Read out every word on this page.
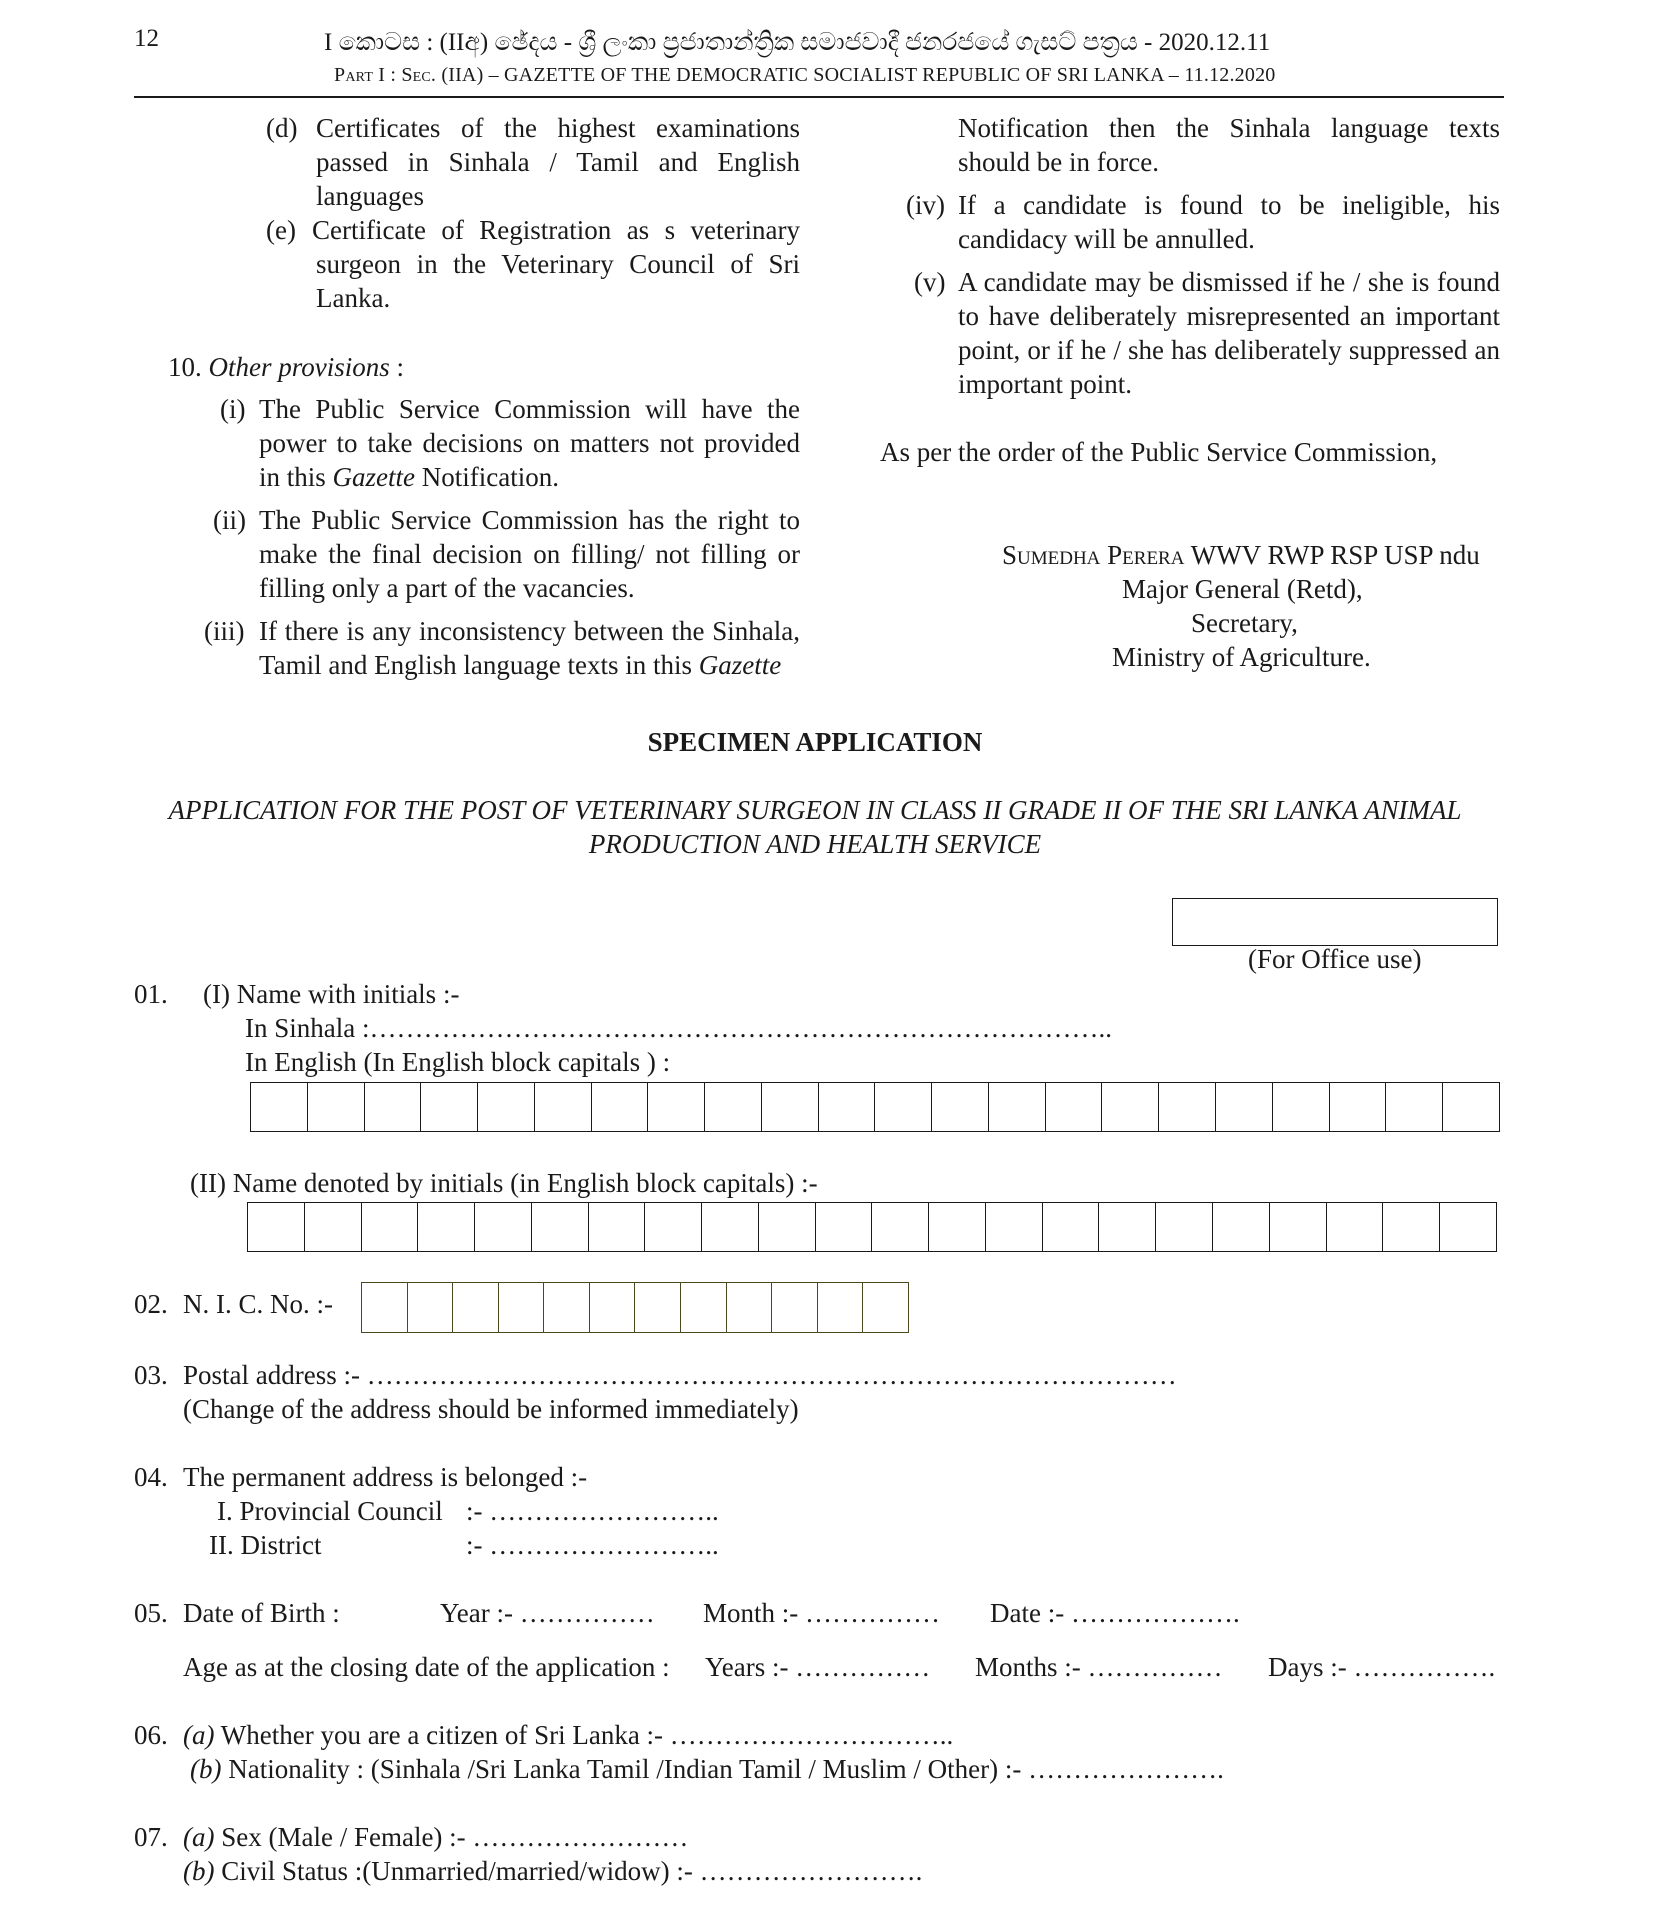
12	I කොටස : (IIඅ) ඡේදය - ශ්‍රී ලංකා ප්‍රජාතාන්ත්‍රික සමාජවාදී ජනරජයේ ගැසට් පත්‍රය - 2020.12.11
Part I : Sec. (IIA) – GAZETTE OF THE DEMOCRATIC SOCIALIST REPUBLIC OF SRI LANKA – 11.12.2020
(d) Certificates of the highest examinations
passed in Sinhala / Tamil and English
languages
(e) Certificate of Registration as s veterinary
surgeon in the Veterinary Council of Sri
Lanka.
10. Other provisions :
(i) The Public Service Commission will have the
power to take decisions on matters not provided
in this Gazette Notification.
(ii) The Public Service Commission has the right to
make the final decision on filling/ not filling or
filling only a part of the vacancies.
(iii) If there is any inconsistency between the Sinhala,
Tamil and English language texts in this Gazette
Notification then the Sinhala language texts
should be in force.
(iv) If a candidate is found to be ineligible, his
candidacy will be annulled.
(v) A candidate may be dismissed if he / she is found
to have deliberately misrepresented an important
point, or if he / she has deliberately suppressed an
important point.
As per the order of the Public Service Commission,
Sumedha Perera WWV RWP RSP USP ndu
Major General (Retd),
Secretary,
Ministry of Agriculture.
SPECIMEN APPLICATION
APPLICATION FOR THE POST OF VETERINARY SURGEON IN CLASS II GRADE II OF THE SRI LANKA ANIMAL
PRODUCTION AND HEALTH SERVICE
(For Office use)
01. (I) Name with initials :-
In Sinhala :………………………………………………………………………..
In English (In English block capitals ) :
(II) Name denoted by initials (in English block capitals) :-
02. N. I. C. No. :-
03. Postal address :- ………………………………………………………………………………
(Change of the address should be informed immediately)
04. The permanent address is belonged :-
I. Provincial Council :- ……………………..
II. District	:- ……………………..
05. Date of Birth :	Year :- …………… Month :- …………… Date :- ……………….
Age as at the closing date of the application : Years :- …………… Months :- …………… Days :- …………….
06. (a) Whether you are a citizen of Sri Lanka :- …………………………..
(b) Nationality : (Sinhala /Sri Lanka Tamil /Indian Tamil / Muslim / Other) :- ………………….
07. (a) Sex (Male / Female) :- ……………………
(b) Civil Status :(Unmarried/married/widow) :- …………………….
